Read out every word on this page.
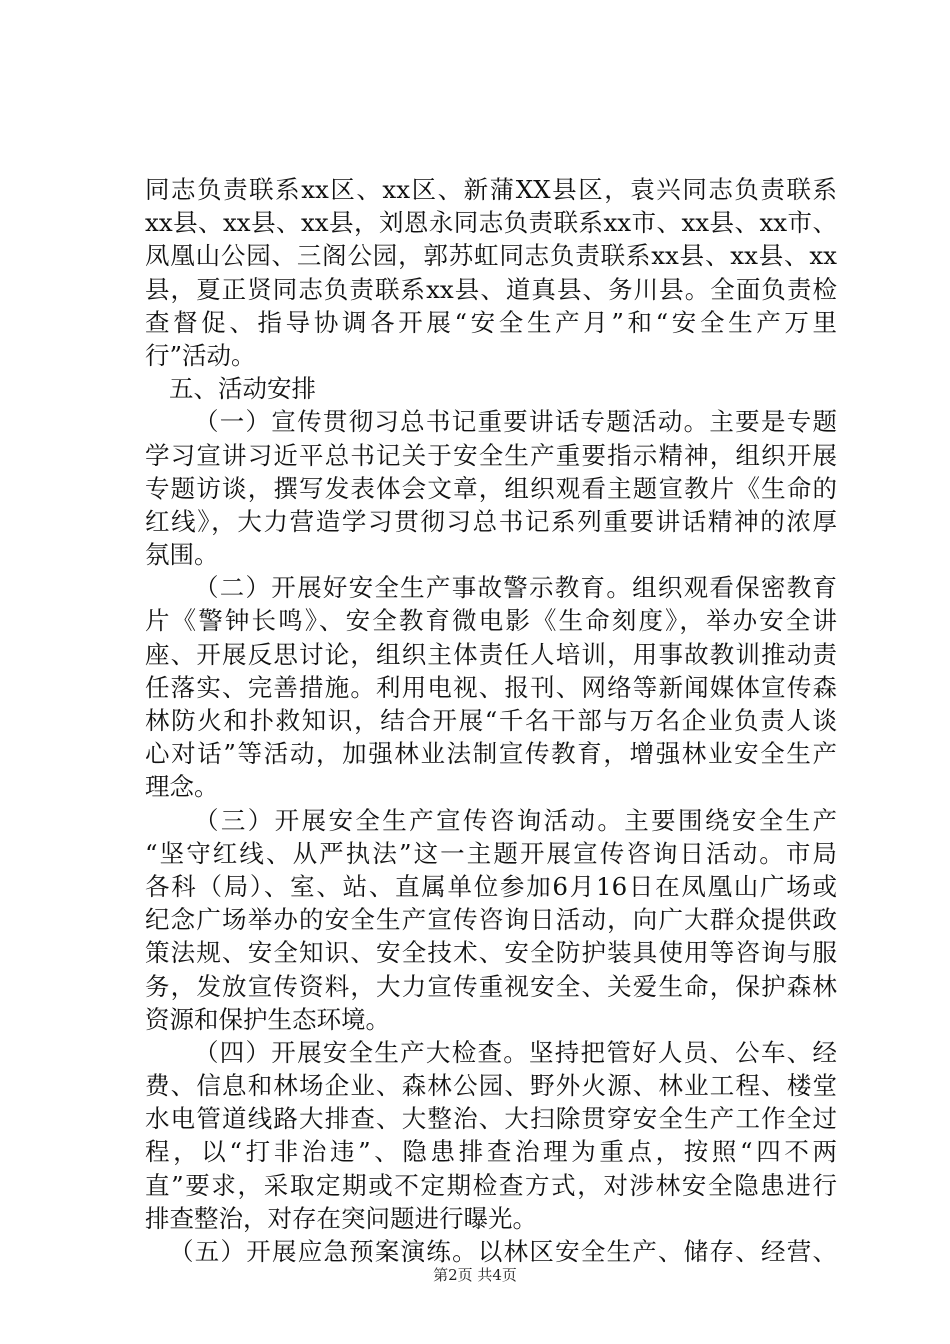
同志负责联系xx区、xx区、新蒲XX县区，袁兴同志负责联系
xx县、xx县、xx县，刘恩永同志负责联系xx市、xx县、xx市、
凤凰山公园、三阁公园，郭苏虹同志负责联系xx县、xx县、xx
县，夏正贤同志负责联系xx县、道真县、务川县。全面负责检
查督促、指导协调各开展“安全生产月”和“安全生产万里
行”活动。
五、活动安排
（一）宣传贯彻习总书记重要讲话专题活动。主要是专题
学习宣讲习近平总书记关于安全生产重要指示精神，组织开展
专题访谈，撰写发表体会文章，组织观看主题宣教片《生命的
红线》，大力营造学习贯彻习总书记系列重要讲话精神的浓厚
氛围。
（二）开展好安全生产事故警示教育。组织观看保密教育
片《警钟长鸣》、安全教育微电影《生命刻度》，举办安全讲
座、开展反思讨论，组织主体责任人培训，用事故教训推动责
任落实、完善措施。利用电视、报刊、网络等新闻媒体宣传森
林防火和扑救知识，结合开展“千名干部与万名企业负责人谈
心对话”等活动，加强林业法制宣传教育，增强林业安全生产
理念。
（三）开展安全生产宣传咨询活动。主要围绕安全生产
“坚守红线、从严执法”这一主题开展宣传咨询日活动。市局
各科（局）、室、站、直属单位参加6月16日在凤凰山广场或
纪念广场举办的安全生产宣传咨询日活动，向广大群众提供政
策法规、安全知识、安全技术、安全防护装具使用等咨询与服
务，发放宣传资料，大力宣传重视安全、关爱生命，保护森林
资源和保护生态环境。
（四）开展安全生产大检查。坚持把管好人员、公车、经
费、信息和林场企业、森林公园、野外火源、林业工程、楼堂
水电管道线路大排查、大整治、大扫除贯穿安全生产工作全过
程，以“打非治违”、隐患排查治理为重点，按照“四不两
直”要求，采取定期或不定期检查方式，对涉林安全隐患进行
排查整治，对存在突问题进行曝光。
（五）开展应急预案演练。以林区安全生产、储存、经营、
第2页 共4页
